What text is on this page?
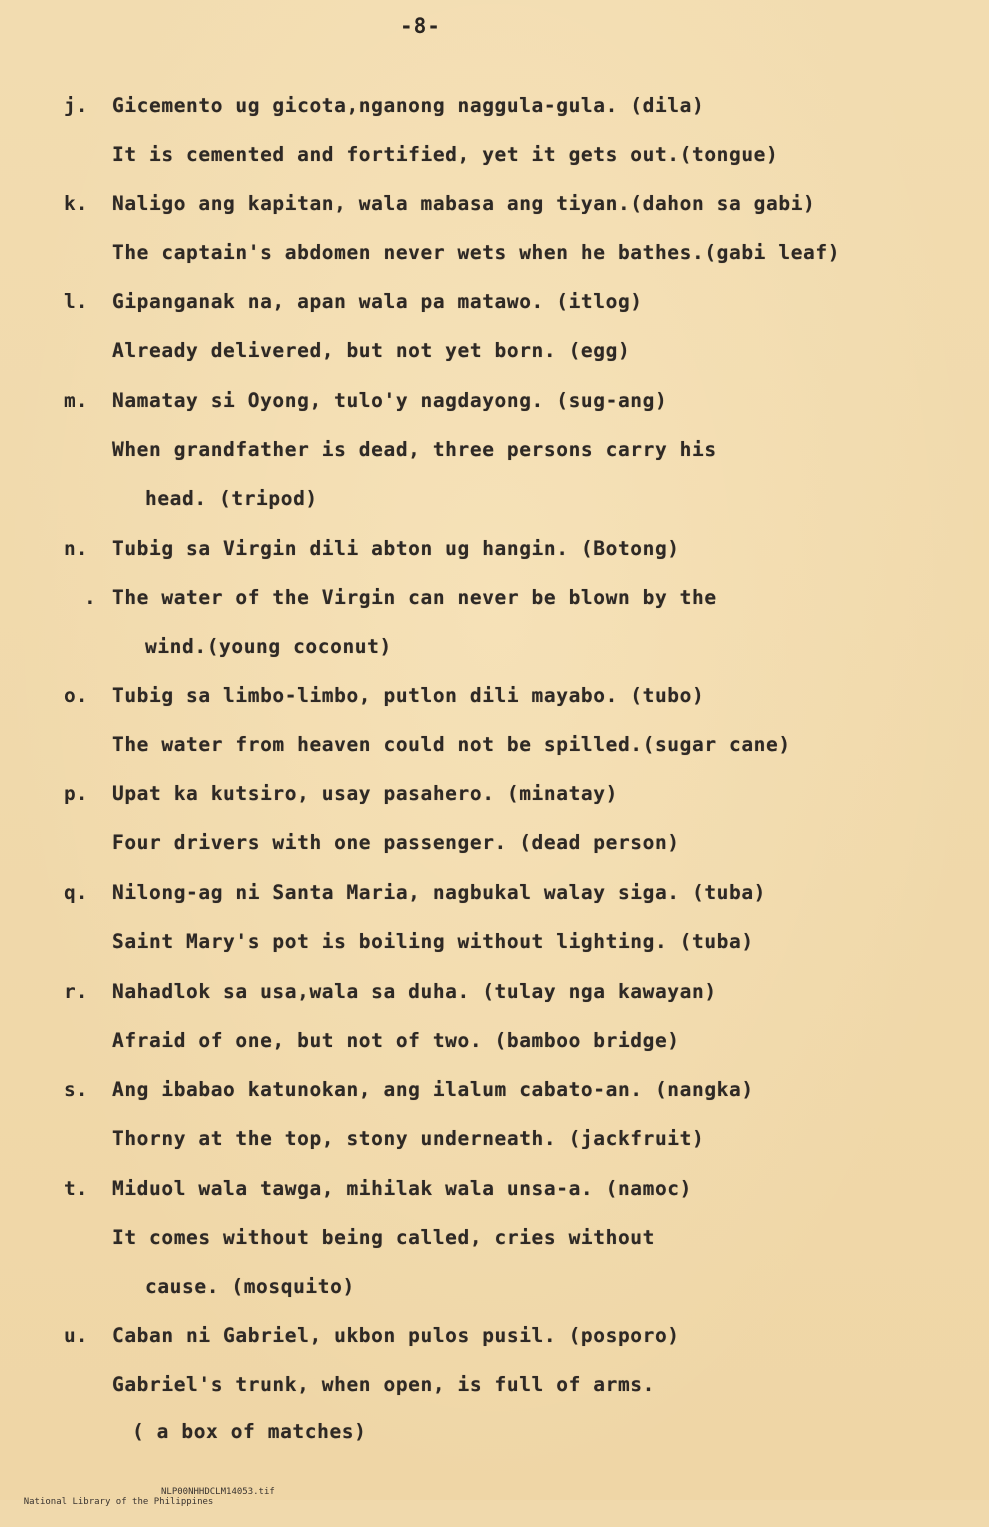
-8-
j. Gicemento ug gicota,nganong naggula-gula. (dila)
It is cemented and fortified, yet it gets out.(tongue)
k. Naligo ang kapitan, wala mabasa ang tiyan.(dahon sa gabi)
The captain's abdomen never wets when he bathes.(gabi leaf)
l. Gipanganak na, apan wala pa matawo. (itlog)
Already delivered, but not yet born. (egg)
m. Namatay si Oyong, tulo'y nagdayong. (sug-ang)
When grandfather is dead, three persons carry his
head. (tripod)
n. Tubig sa Virgin dili abton ug hangin. (Botong)
. The water of the Virgin can never be blown by the
wind.(young coconut)
o. Tubig sa limbo-limbo, putlon dili mayabo. (tubo)
The water from heaven could not be spilled.(sugar cane)
p. Upat ka kutsiro, usay pasahero. (minatay)
Four drivers with one passenger. (dead person)
q. Nilong-ag ni Santa Maria, nagbukal walay siga. (tuba)
Saint Mary's pot is boiling without lighting. (tuba)
r. Nahadlok sa usa,wala sa duha. (tulay nga kawayan)
Afraid of one, but not of two. (bamboo bridge)
s. Ang ibabao katunokan, ang ilalum cabato-an. (nangka)
Thorny at the top, stony underneath. (jackfruit)
t. Miduol wala tawga, mihilak wala unsa-a. (namoc)
It comes without being called, cries without
cause. (mosquito)
u. Caban ni Gabriel, ukbon pulos pusil. (posporo)
Gabriel's trunk, when open, is full of arms.
( a box of matches)

National Library of the Philippines

NLP00NHHDCLM14053.tif
